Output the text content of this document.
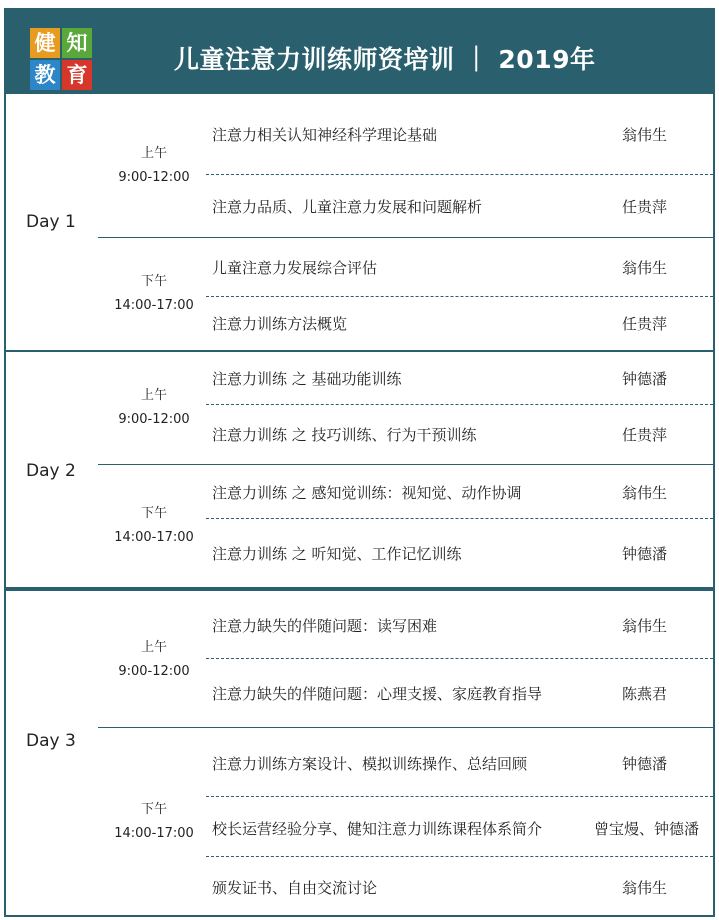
健 知
教 育
儿童注意力训练师资培训 ｜ 2019年
Day 1
上午
9:00-12:00
注意力相关认知神经科学理论基础	翁伟生
注意力品质、儿童注意力发展和问题解析	任贵萍
下午
14:00-17:00
儿童注意力发展综合评估	翁伟生
注意力训练方法概览	任贵萍
Day 2
上午
9:00-12:00
注意力训练 之 基础功能训练	钟德潘
注意力训练 之 技巧训练、行为干预训练	任贵萍
下午
14:00-17:00
注意力训练 之 感知觉训练：视知觉、动作协调	翁伟生
注意力训练 之 听知觉、工作记忆训练	钟德潘
Day 3
上午
9:00-12:00
注意力缺失的伴随问题：读写困难	翁伟生
注意力缺失的伴随问题：心理支援、家庭教育指导	陈燕君
下午
14:00-17:00
注意力训练方案设计、模拟训练操作、总结回顾	钟德潘
校长运营经验分享、健知注意力训练课程体系简介	曾宝熳、钟德潘
颁发证书、自由交流讨论	翁伟生
